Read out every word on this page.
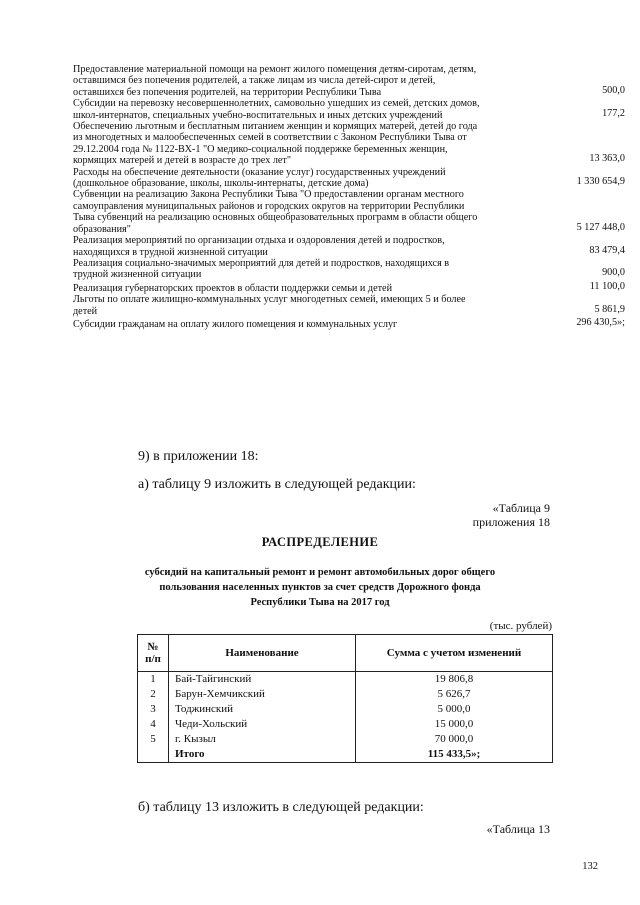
Предоставление материальной помощи на ремонт жилого помещения детям-сиротам, детям, оставшимся без попечения родителей, а также лицам из числа детей-сирот и детей, оставшихся без попечения родителей, на территории Республики Тыва	500,0
Субсидии на перевозку несовершеннолетних, самовольно ушедших из семей, детских домов, школ-интернатов, специальных учебно-воспитательных и иных детских учреждений	177,2
Обеспечению льготным и бесплатным питанием женщин и кормящих матерей, детей до года из многодетных и малообеспеченных семей в соответствии с Законом Республики Тыва от 29.12.2004 года № 1122-ВХ-1 "О медико-социальной поддержке беременных женщин, кормящих матерей и детей в возрасте до трех лет"	13 363,0
Расходы на обеспечение деятельности (оказание услуг) государственных учреждений (дошкольное образование, школы, школы-интернаты, детские дома)	1 330 654,9
Субвенции на реализацию Закона Республики Тыва "О предоставлении органам местного самоуправления муниципальных районов и городских округов на территории Республики Тыва субвенций на реализацию основных общеобразовательных программ в области общего образования"	5 127 448,0
Реализация мероприятий по организации отдыха и оздоровления детей и подростков, находящихся в трудной жизненной ситуации	83 479,4
Реализация социально-значимых мероприятий для детей и подростков, находящихся в трудной жизненной ситуации	900,0
Реализация губернаторских проектов в области поддержки семьи и детей	11 100,0
Льготы по оплате жилищно-коммунальных услуг многодетных семей, имеющих 5 и более детей	5 861,9
Субсидии гражданам на оплату жилого помещения и коммунальных услуг	296 430,5»;
9) в приложении 18:
а) таблицу 9 изложить в следующей редакции:
«Таблица 9
приложения 18
РАСПРЕДЕЛЕНИЕ
субсидий на капитальный ремонт и ремонт автомобильных дорог общего
пользования населенных пунктов за счет средств Дорожного фонда
Республики Тыва на 2017 год
(тыс. рублей)
№
п/п	Наименование	Сумма с учетом изменений
1	Бай-Тайгинский	19 806,8
2	Барун-Хемчикский	5 626,7
3	Тоджинский	5 000,0
4	Чеди-Хольский	15 000,0
5	г. Кызыл	70 000,0
	Итого	115 433,5»;
б) таблицу 13 изложить в следующей редакции:
«Таблица 13
132
